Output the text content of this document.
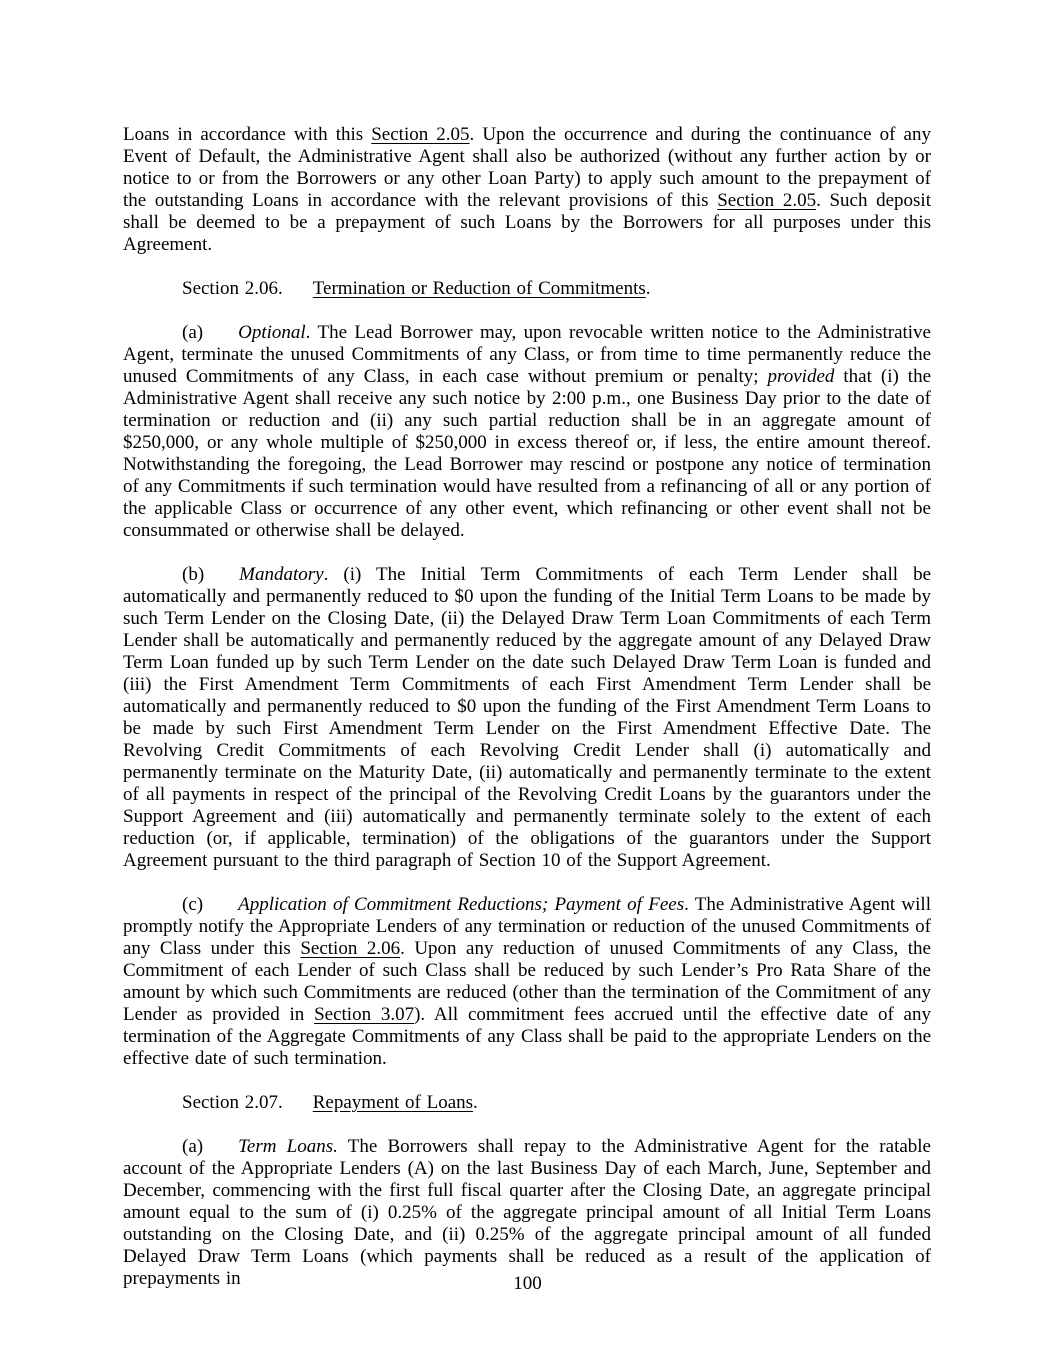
Loans in accordance with this Section 2.05. Upon the occurrence and during the continuance of any Event of Default, the Administrative Agent shall also be authorized (without any further action by or notice to or from the Borrowers or any other Loan Party) to apply such amount to the prepayment of the outstanding Loans in accordance with the relevant provisions of this Section 2.05. Such deposit shall be deemed to be a prepayment of such Loans by the Borrowers for all purposes under this Agreement.

Section 2.06. Termination or Reduction of Commitments.

(a) Optional. The Lead Borrower may, upon revocable written notice to the Administrative Agent, terminate the unused Commitments of any Class, or from time to time permanently reduce the unused Commitments of any Class, in each case without premium or penalty; provided that (i) the Administrative Agent shall receive any such notice by 2:00 p.m., one Business Day prior to the date of termination or reduction and (ii) any such partial reduction shall be in an aggregate amount of $250,000, or any whole multiple of $250,000 in excess thereof or, if less, the entire amount thereof.

Notwithstanding the foregoing, the Lead Borrower may rescind or postpone any notice of termination of any Commitments if such termination would have resulted from a refinancing of all or any portion of the applicable Class or occurrence of any other event, which refinancing or other event shall not be consummated or otherwise shall be delayed.

(b) Mandatory. (i) The Initial Term Commitments of each Term Lender shall be automatically and permanently reduced to $0 upon the funding of the Initial Term Loans to be made by such Term Lender on the Closing Date, (ii) the Delayed Draw Term Loan Commitments of each Term Lender shall be automatically and permanently reduced by the aggregate amount of any Delayed Draw Term Loan funded up by such Term Lender on the date such Delayed Draw Term Loan is funded and (iii) the First Amendment Term Commitments of each First Amendment Term Lender shall be automatically and permanently reduced to $0 upon the funding of the First Amendment Term Loans to be made by such First Amendment Term Lender on the First Amendment Effective Date. The Revolving Credit Commitments of each Revolving Credit Lender shall (i) automatically and permanently terminate on the Maturity Date, (ii) automatically and permanently terminate to the extent of all payments in respect of the principal of the Revolving Credit Loans by the guarantors under the Support Agreement and (iii) automatically and permanently terminate solely to the extent of each reduction (or, if applicable, termination) of the obligations of the guarantors under the Support Agreement pursuant to the third paragraph of Section 10 of the Support Agreement.

(c) Application of Commitment Reductions; Payment of Fees. The Administrative Agent will promptly notify the Appropriate Lenders of any termination or reduction of the unused Commitments of any Class under this Section 2.06. Upon any reduction of unused Commitments of any Class, the Commitment of each Lender of such Class shall be reduced by such Lender’s Pro Rata Share of the amount by which such Commitments are reduced (other than the termination of the Commitment of any Lender as provided in Section 3.07). All commitment fees accrued until the effective date of any termination of the Aggregate Commitments of any Class shall be paid to the appropriate Lenders on the effective date of such termination.

Section 2.07. Repayment of Loans.

(a) Term Loans. The Borrowers shall repay to the Administrative Agent for the ratable account of the Appropriate Lenders (A) on the last Business Day of each March, June, September and December, commencing with the first full fiscal quarter after the Closing Date, an aggregate principal amount equal to the sum of (i) 0.25% of the aggregate principal amount of all Initial Term Loans outstanding on the Closing Date, and (ii) 0.25% of the aggregate principal amount of all funded Delayed Draw Term Loans (which payments shall be reduced as a result of the application of prepayments in	100
